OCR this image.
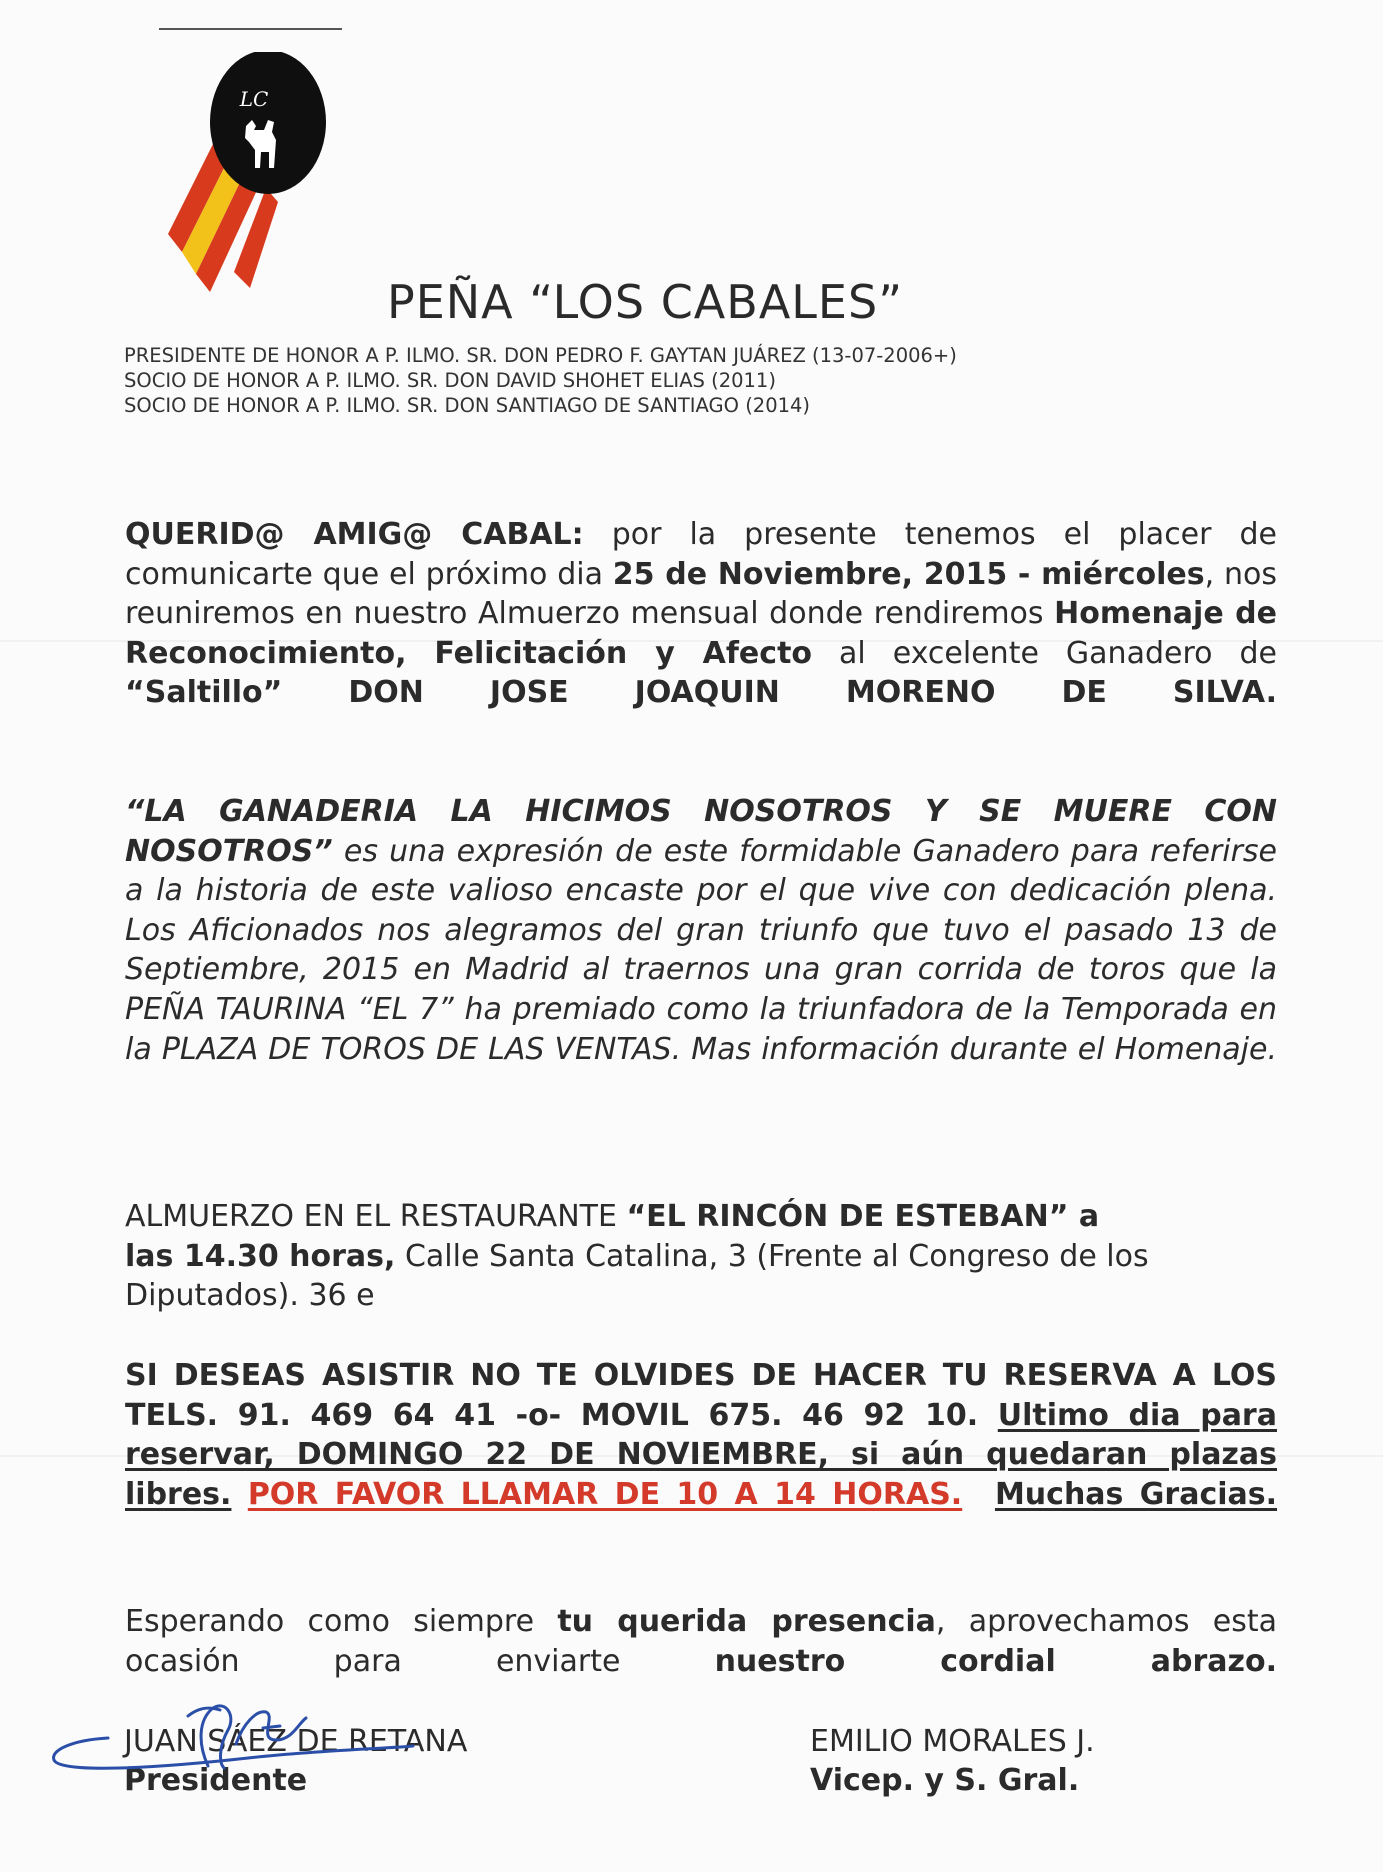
LC
PEÑA “LOS CABALES”
PRESIDENTE DE HONOR A P. ILMO. SR. DON PEDRO F. GAYTAN JUÁREZ (13-07-2006+)
SOCIO DE HONOR A P. ILMO. SR. DON DAVID SHOHET ELIAS (2011)
SOCIO DE HONOR A P. ILMO. SR. DON SANTIAGO DE SANTIAGO (2014)

QUERID@ AMIG@ CABAL: por la presente tenemos el placer de comunicarte que el próximo dia 25 de Noviembre, 2015 - miércoles, nos reuniremos en nuestro Almuerzo mensual donde rendiremos Homenaje de Reconocimiento, Felicitación y Afecto al excelente Ganadero de “Saltillo” DON JOSE JOAQUIN MORENO DE SILVA.

“LA GANADERIA LA HICIMOS NOSOTROS Y SE MUERE CON NOSOTROS” es una expresión de este formidable Ganadero para referirse a la historia de este valioso encaste por el que vive con dedicación plena. Los Aficionados nos alegramos del gran triunfo que tuvo el pasado 13 de Septiembre, 2015 en Madrid al traernos una gran corrida de toros que la PEÑA TAURINA “EL 7” ha premiado como la triunfadora de la Temporada en la PLAZA DE TOROS DE LAS VENTAS. Mas información durante el Homenaje.

ALMUERZO EN EL RESTAURANTE “EL RINCÓN DE ESTEBAN” a
las 14.30 horas, Calle Santa Catalina, 3 (Frente al Congreso de los
Diputados). 36 e

SI DESEAS ASISTIR NO TE OLVIDES DE HACER TU RESERVA A LOS TELS. 91. 469 64 41 -o- MOVIL 675. 46 92 10. Ultimo dia para reservar, DOMINGO 22 DE NOVIEMBRE, si aún quedaran plazas libres. POR FAVOR LLAMAR DE 10 A 14 HORAS. Muchas Gracias.

Esperando como siempre tu querida presencia, aprovechamos esta ocasión para enviarte nuestro cordial abrazo.

JUAN SÁEZ DE RETANA
Presidente
EMILIO MORALES J.
Vicep. y S. Gral.
